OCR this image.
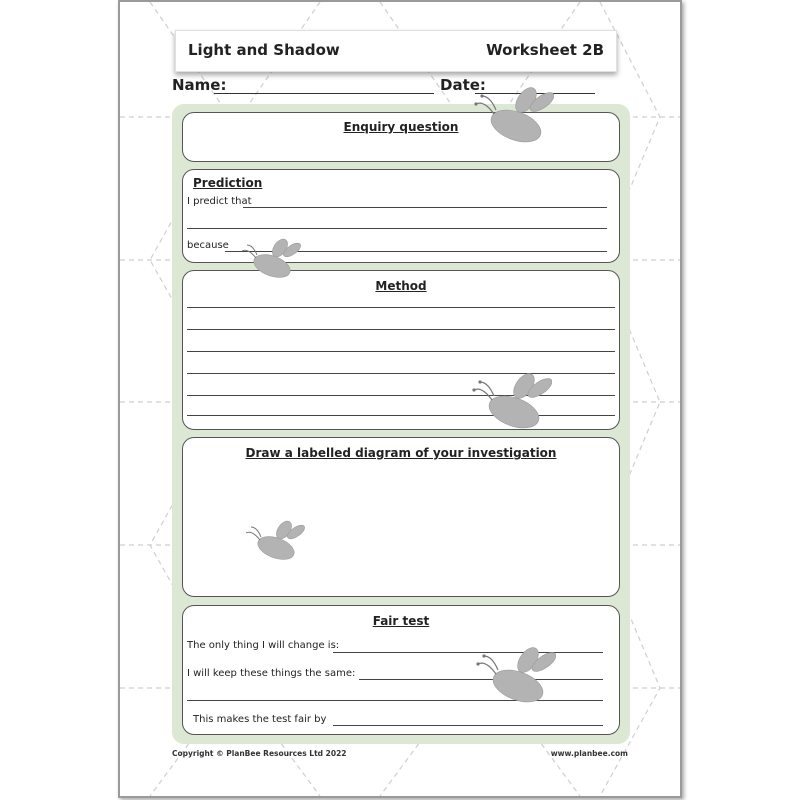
Light and Shadow	Worksheet 2B
Name:	Date:
Enquiry question
Prediction
I predict that
because
Method
Draw a labelled diagram of your investigation
Fair test
The only thing I will change is:
I will keep these things the same:
This makes the test fair by
Copyright © PlanBee Resources Ltd 2022	www.planbee.com
